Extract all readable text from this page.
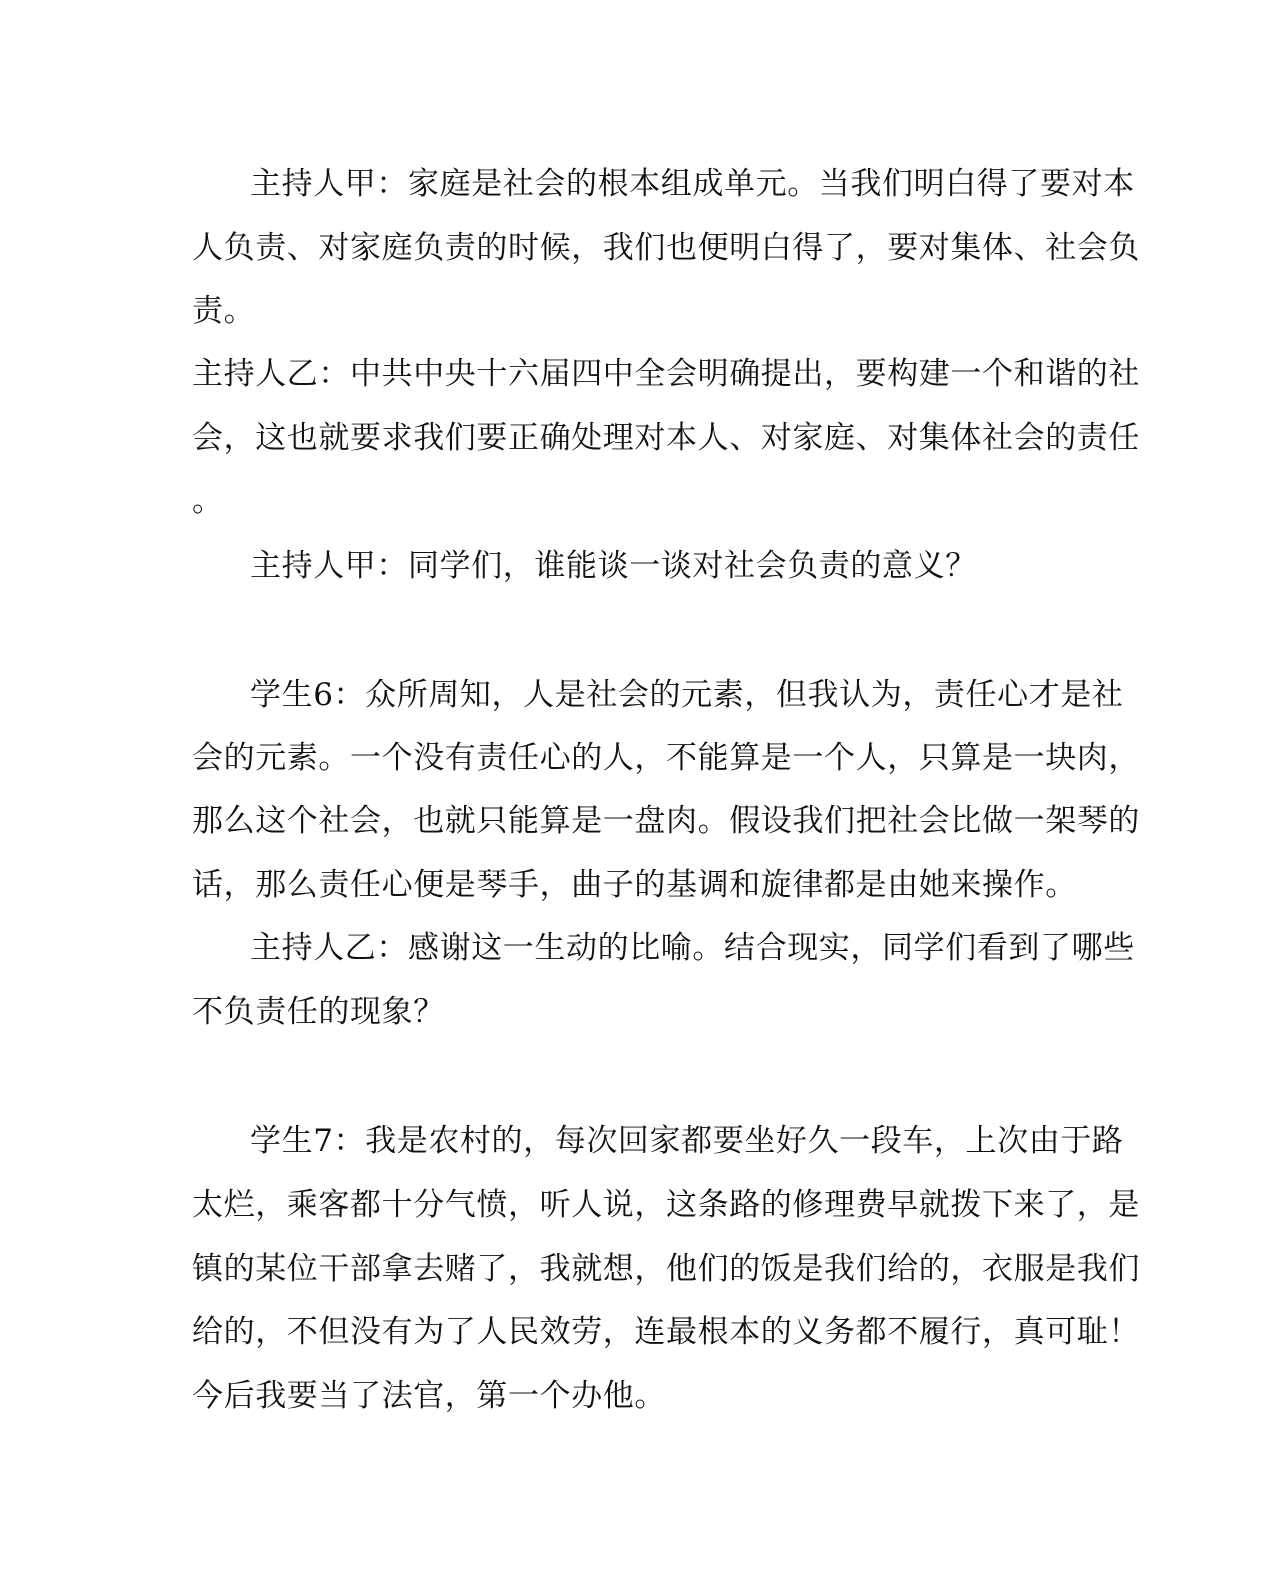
主持人甲：家庭是社会的根本组成单元。当我们明白得了要对本
人负责、对家庭负责的时候，我们也便明白得了，要对集体、社会负
责。
主持人乙：中共中央十六届四中全会明确提出，要构建一个和谐的社
会，这也就要求我们要正确处理对本人、对家庭、对集体社会的责任
。
主持人甲：同学们，谁能谈一谈对社会负责的意义？
学生6：众所周知，人是社会的元素，但我认为，责任心才是社
会的元素。一个没有责任心的人，不能算是一个人，只算是一块肉，
那么这个社会，也就只能算是一盘肉。假设我们把社会比做一架琴的
话，那么责任心便是琴手，曲子的基调和旋律都是由她来操作。
主持人乙：感谢这一生动的比喻。结合现实，同学们看到了哪些
不负责任的现象？
学生7：我是农村的，每次回家都要坐好久一段车，上次由于路
太烂，乘客都十分气愤，听人说，这条路的修理费早就拨下来了，是
镇的某位干部拿去赌了，我就想，他们的饭是我们给的，衣服是我们
给的，不但没有为了人民效劳，连最根本的义务都不履行，真可耻！
今后我要当了法官，第一个办他。
